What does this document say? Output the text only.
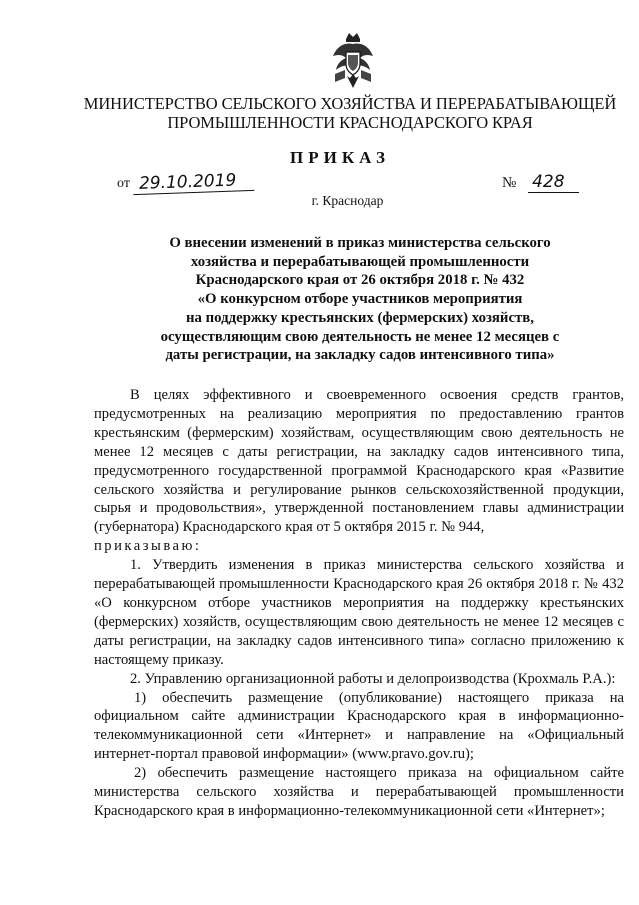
МИНИСТЕРСТВО СЕЛЬСКОГО ХОЗЯЙСТВА И ПЕРЕРАБАТЫВАЮЩЕЙ
ПРОМЫШЛЕННОСТИ КРАСНОДАРСКОГО КРАЯ
ПРИКАЗ
от 29.10.2019	№ 428
г. Краснодар
О внесении изменений в приказ министерства сельского
хозяйства и перерабатывающей промышленности
Краснодарского края от 26 октября 2018 г. № 432
«О конкурсном отборе участников мероприятия
на поддержку крестьянских (фермерских) хозяйств,
осуществляющим свою деятельность не менее 12 месяцев с
даты регистрации, на закладку садов интенсивного типа»

В целях эффективного и своевременного освоения средств грантов, предусмотренных на реализацию мероприятия по предоставлению грантов крестьянским (фермерским) хозяйствам, осуществляющим свою деятельность не менее 12 месяцев с даты регистрации, на закладку садов интенсивного типа, предусмотренного государственной программой Краснодарского края «Развитие сельского хозяйства и регулирование рынков сельскохозяйственной продукции, сырья и продовольствия», утвержденной постановлением главы администрации (губернатора) Краснодарского края от 5 октября 2015 г. № 944,

приказываю:

1. Утвердить изменения в приказ министерства сельского хозяйства и перерабатывающей промышленности Краснодарского края 26 октября 2018 г. № 432 «О конкурсном отборе участников мероприятия на поддержку крестьянских (фермерских) хозяйств, осуществляющим свою деятельность не менее 12 месяцев с даты регистрации, на закладку садов интенсивного типа» согласно приложению к настоящему приказу.

2. Управлению организационной работы и делопроизводства (Крохмаль Р.А.):

1) обеспечить размещение (опубликование) настоящего приказа на официальном сайте администрации Краснодарского края в информационно-телекоммуникационной сети «Интернет» и направление на «Официальный интернет-портал правовой информации» (www.pravo.gov.ru);

2) обеспечить размещение настоящего приказа на официальном сайте министерства сельского хозяйства и перерабатывающей промышленности Краснодарского края в информационно-телекоммуникационной сети «Интернет»;
